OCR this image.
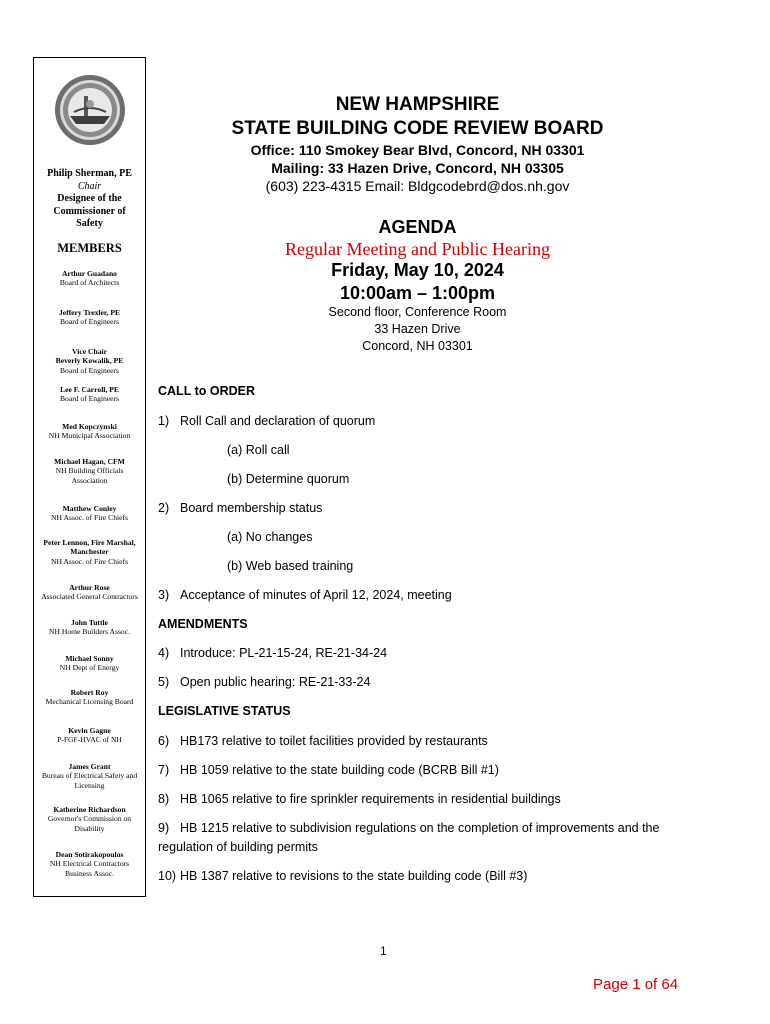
Philip Sherman, PE
Chair
Designee of the
Commissioner of
Safety
MEMBERS
Arthur Guadano
Board of Architects
Jeffery Trexler, PE
Board of Engineers
Vice Chair
Beverly Kowalik, PE
Board of Engineers
Lee F. Carroll, PE
Board of Engineers
Med Kopczynski
NH Municipal Association
Michael Hagan, CFM
NH Building Officials
Association
Matthew Conley
NH Assoc. of Fire Chiefs
Peter Lennon, Fire Marshal,
Manchester
NH Assoc. of Fire Chiefs
Arthur Rose
Associated General Contractors
John Tuttle
NH Home Builders Assoc.
Michael Sonny
NH Dept of Energy
Robert Roy
Mechanical Licensing Board
Kevin Gagne
P-FGF-HVAC of NH
James Grant
Bureau of Electrical Safety and
Licensing
Katherine Richardson
Governor's Commission on
Disability
Dean Sotirakopoulos
NH Electrical Contractors
Business Assoc.
NEW HAMPSHIRE
STATE BUILDING CODE REVIEW BOARD
Office: 110 Smokey Bear Blvd, Concord, NH 03301
Mailing: 33 Hazen Drive, Concord, NH 03305
(603) 223-4315 Email: Bldgcodebrd@dos.nh.gov
AGENDA
Regular Meeting and Public Hearing
Friday, May 10, 2024
10:00am – 1:00pm
Second floor, Conference Room
33 Hazen Drive
Concord, NH 03301
CALL to ORDER
1) Roll Call and declaration of quorum
(a) Roll call
(b) Determine quorum
2) Board membership status
(a) No changes
(b) Web based training
3) Acceptance of minutes of April 12, 2024, meeting
AMENDMENTS
4) Introduce: PL-21-15-24, RE-21-34-24
5) Open public hearing: RE-21-33-24
LEGISLATIVE STATUS
6) HB173 relative to toilet facilities provided by restaurants
7) HB 1059 relative to the state building code (BCRB Bill #1)
8) HB 1065 relative to fire sprinkler requirements in residential buildings
9) HB 1215 relative to subdivision regulations on the completion of improvements and the
regulation of building permits
10) HB 1387 relative to revisions to the state building code (Bill #3)
1
Page 1 of 64
